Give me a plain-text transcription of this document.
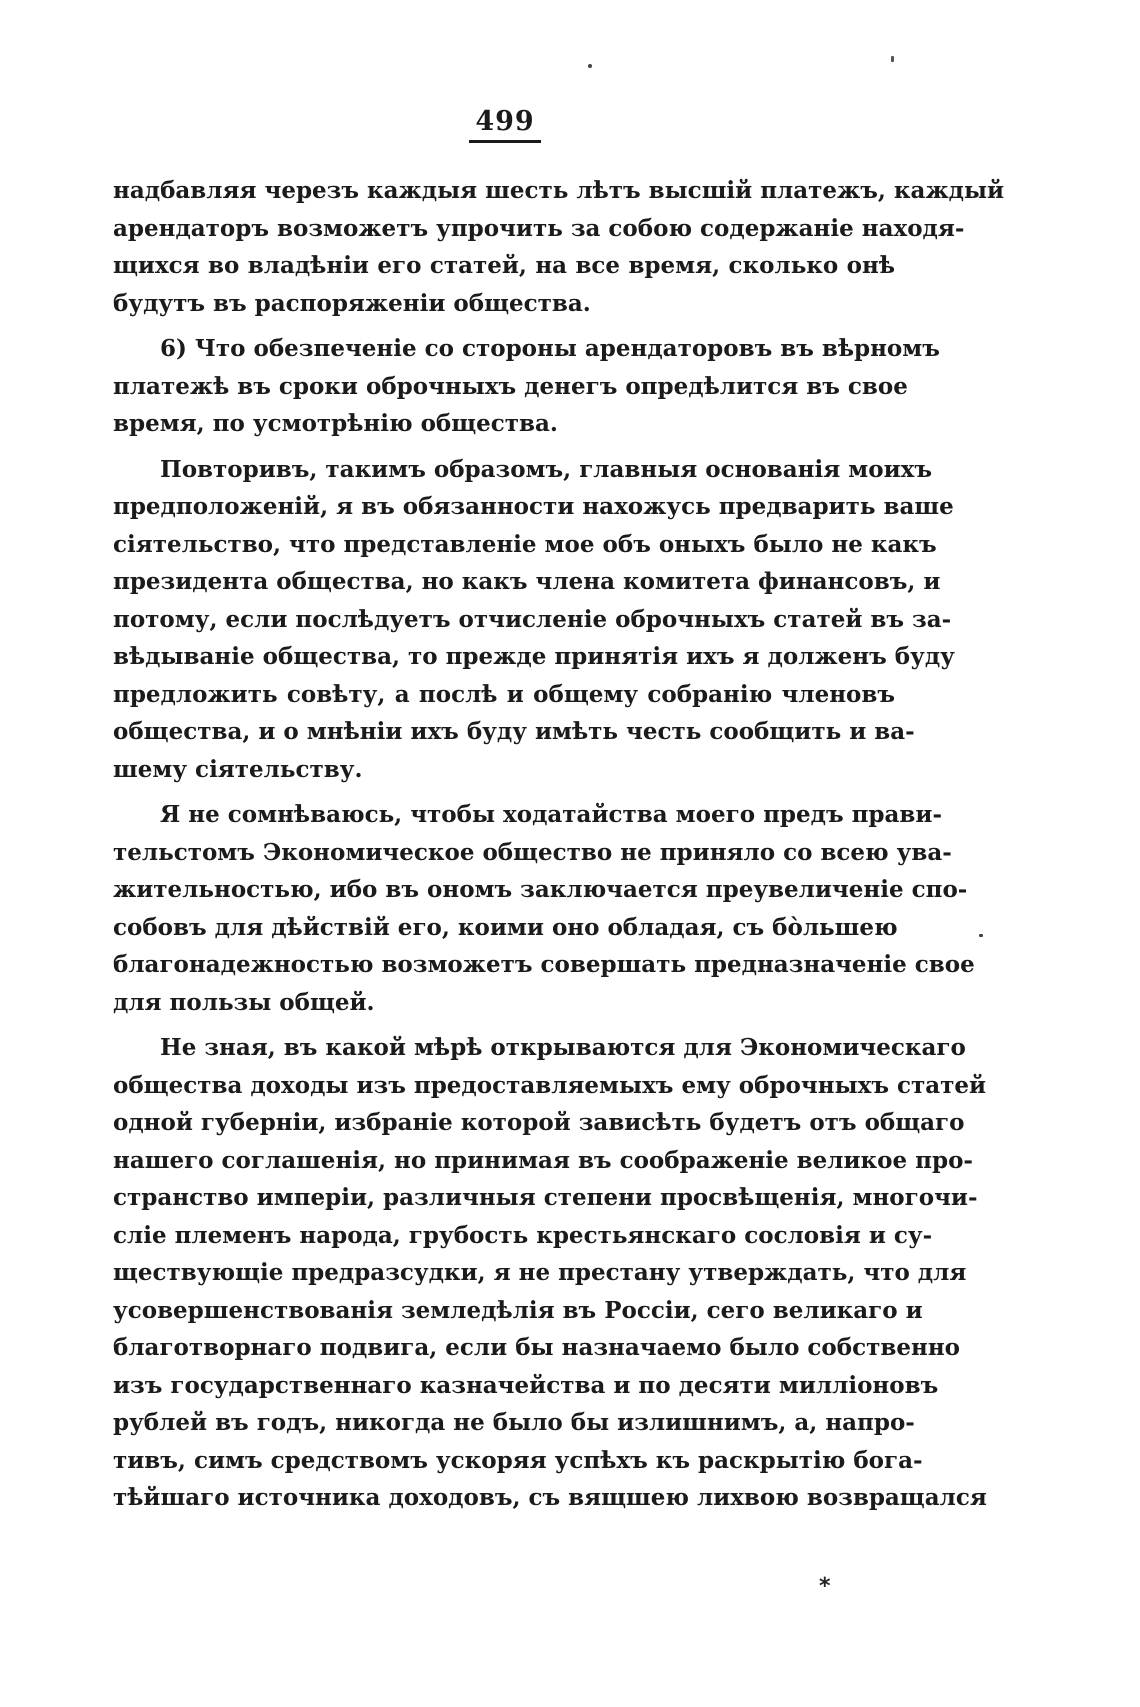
499
надбавляя черезъ каждыя шесть лѣтъ высшій платежъ, каждый
арендаторъ возможетъ упрочить за собою содержаніе находя-
щихся во владѣніи его статей, на все время, сколько онѣ
будутъ въ распоряженіи общества.
6) Что обезпеченіе со стороны арендаторовъ въ вѣрномъ
платежѣ въ сроки оброчныхъ денегъ опредѣлится въ свое
время, по усмотрѣнію общества.
Повторивъ, такимъ образомъ, главныя основанія моихъ
предположеній, я въ обязанности нахожусь предварить ваше
сіятельство, что представленіе мое объ оныхъ было не какъ
президента общества, но какъ члена комитета финансовъ, и
потому, если послѣдуетъ отчисленіе оброчныхъ статей въ за-
вѣдываніе общества, то прежде принятія ихъ я долженъ буду
предложить совѣту, а послѣ и общему собранію членовъ
общества, и о мнѣніи ихъ буду имѣть честь сообщить и ва-
шему сіятельству.
Я не сомнѣваюсь, чтобы ходатайства моего предъ прави-
тельстомъ Экономическое общество не приняло со всею ува-
жительностью, ибо въ ономъ заключается преувеличеніе спо-
собовъ для дѣйствій его, коими оно обладая, съ бо̀льшею
благонадежностью возможетъ совершать предназначеніе свое
для пользы общей.
Не зная, въ какой мѣрѣ открываются для Экономическаго
общества доходы изъ предоставляемыхъ ему оброчныхъ статей
одной губерніи, избраніе которой зависѣть будетъ отъ общаго
нашего соглашенія, но принимая въ соображеніе великое про-
странство имперіи, различныя степени просвѣщенія, многочи-
сліе племенъ народа, грубость крестьянскаго сословія и су-
ществующіе предразсудки, я не престану утверждать, что для
усовершенствованія земледѣлія въ Россіи, сего великаго и
благотворнаго подвига, если бы назначаемо было собственно
изъ государственнаго казначейства и по десяти милліоновъ
рублей въ годъ, никогда не было бы излишнимъ, а, напро-
тивъ, симъ средствомъ ускоряя успѣхъ къ раскрытію бога-
тѣйшаго источника доходовъ, съ вящшею лихвою возвращался
*
